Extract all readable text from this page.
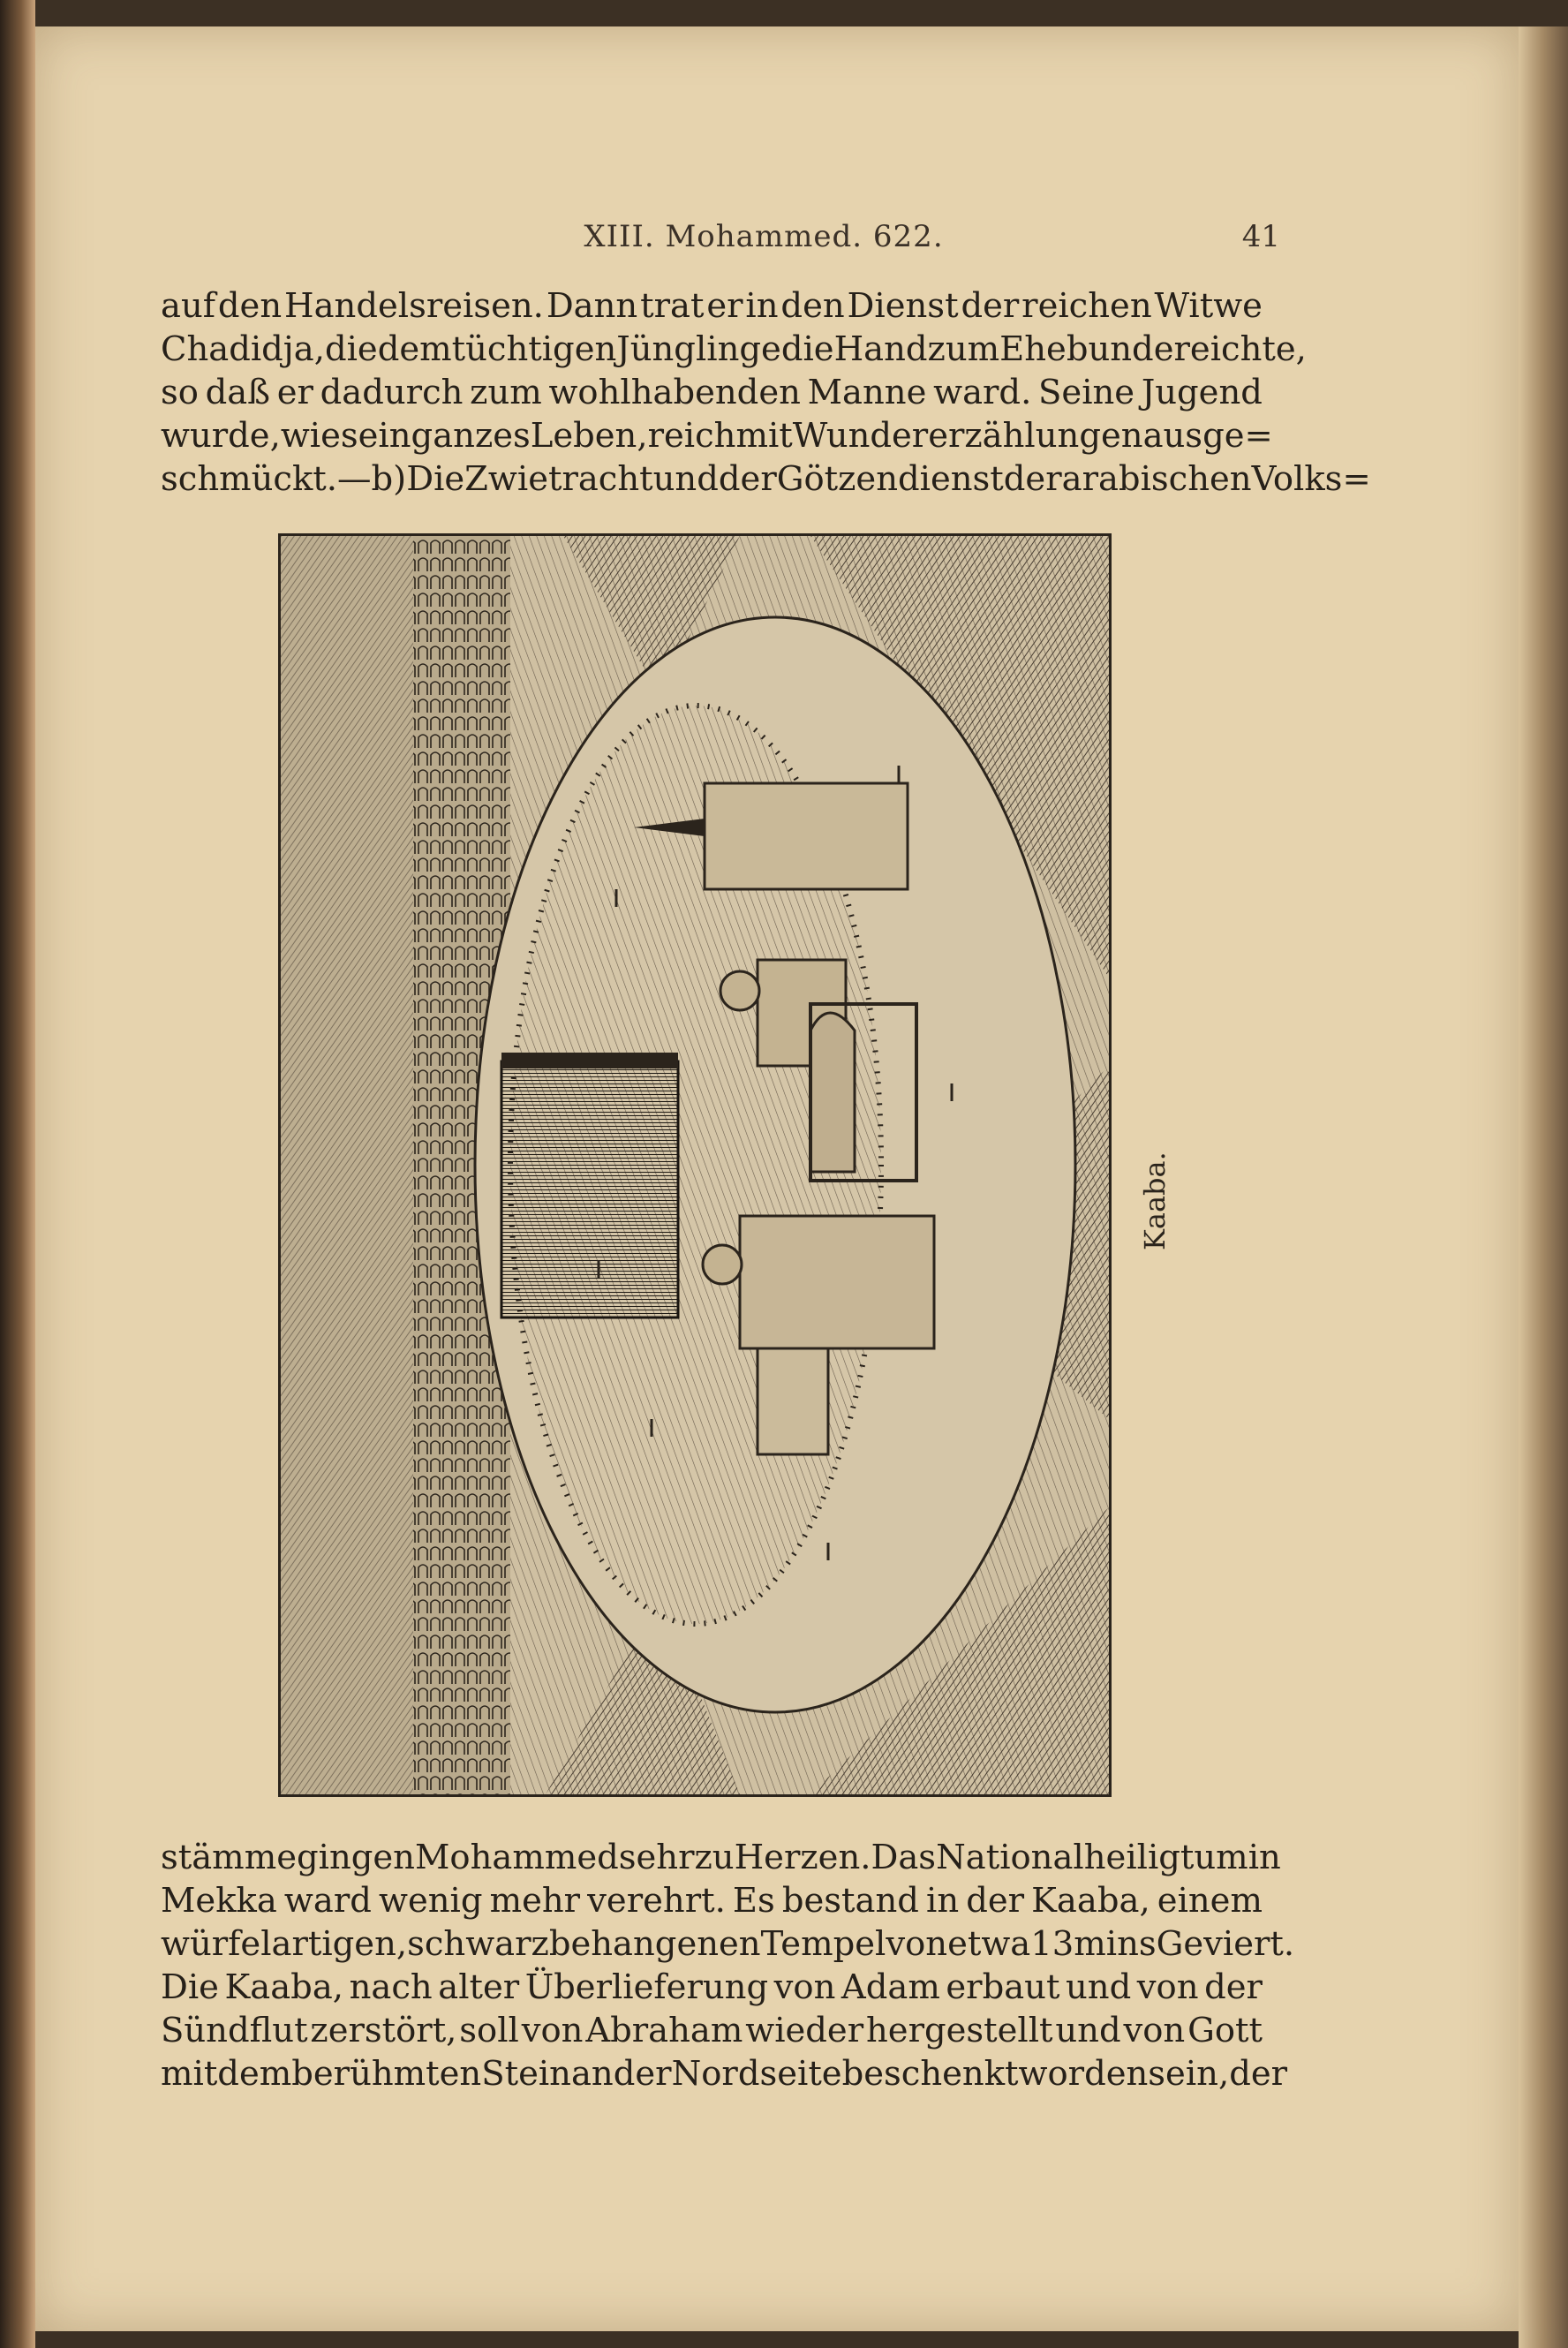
XIII. Mohammed. 622.	41
auf den Handelsreisen. Dann trat er in den Dienst der reichen Witwe
Chadidja, die dem tüchtigen Jünglinge die Hand zum Ehebunde reichte,
so daß er dadurch zum wohlhabenden Manne ward. Seine Jugend
wurde, wie sein ganzes Leben, reich mit Wundererzählungen ausge=
schmückt. — b) Die Zwietracht und der Götzendienst der arabischen Volks=
Kaaba.
stämme gingen Mohammed sehr zu Herzen. Das Nationalheiligtum in
Mekka ward wenig mehr verehrt. Es bestand in der Kaaba, einem
würfelartigen, schwarzbehangenen Tempel von etwa 13 m ins Geviert.
Die Kaaba, nach alter Überlieferung von Adam erbaut und von der
Sündflut zerstört, soll von Abraham wieder hergestellt und von Gott
mit dem berühmten Stein an der Nordseite beschenkt worden sein, der
